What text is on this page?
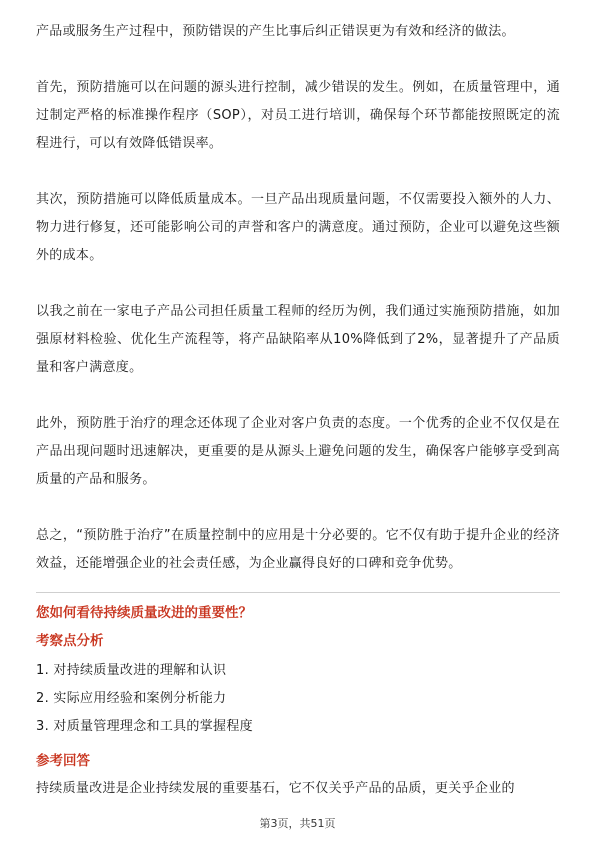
产品或服务生产过程中，预防错误的产生比事后纠正错误更为有效和经济的做法。

首先，预防措施可以在问题的源头进行控制，减少错误的发生。例如，在质量管理中，通过制定严格的标准操作程序（SOP），对员工进行培训，确保每个环节都能按照既定的流程进行，可以有效降低错误率。

其次，预防措施可以降低质量成本。一旦产品出现质量问题，不仅需要投入额外的人力、物力进行修复，还可能影响公司的声誉和客户的满意度。通过预防，企业可以避免这些额外的成本。

以我之前在一家电子产品公司担任质量工程师的经历为例，我们通过实施预防措施，如加强原材料检验、优化生产流程等，将产品缺陷率从10%降低到了2%，显著提升了产品质量和客户满意度。

此外，预防胜于治疗的理念还体现了企业对客户负责的态度。一个优秀的企业不仅仅是在产品出现问题时迅速解决，更重要的是从源头上避免问题的发生，确保客户能够享受到高质量的产品和服务。

总之，“预防胜于治疗”在质量控制中的应用是十分必要的。它不仅有助于提升企业的经济效益，还能增强企业的社会责任感，为企业赢得良好的口碑和竞争优势。

您如何看待持续质量改进的重要性？
考察点分析
1. 对持续质量改进的理解和认识
2. 实际应用经验和案例分析能力
3. 对质量管理理念和工具的掌握程度
参考回答

持续质量改进是企业持续发展的重要基石，它不仅关乎产品的品质，更关乎企业的

第3页，共51页
